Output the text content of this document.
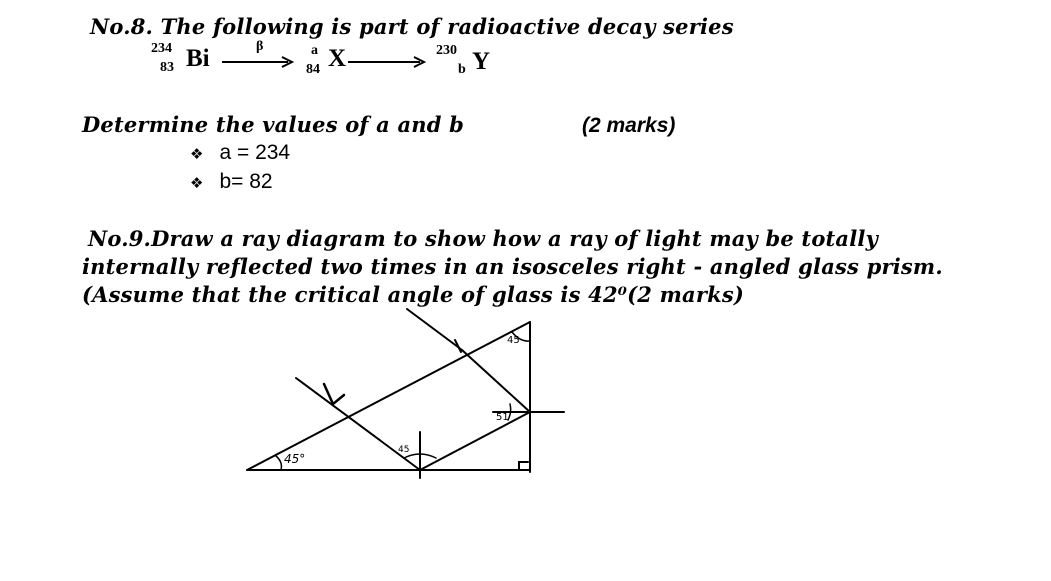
No.8. The following is part of radioactive decay series
234
83 Bi	β	a
84 X	230
b Y
Determine the values of a and b	(2 marks)
❖ a = 234
❖ b= 82
No.9.Draw a ray diagram to show how a ray of light may be totally
internally reflected two times in an isosceles right - angled glass prism.
(Assume that the critical angle of glass is 42⁰(2 marks)
45°
45
51
45
